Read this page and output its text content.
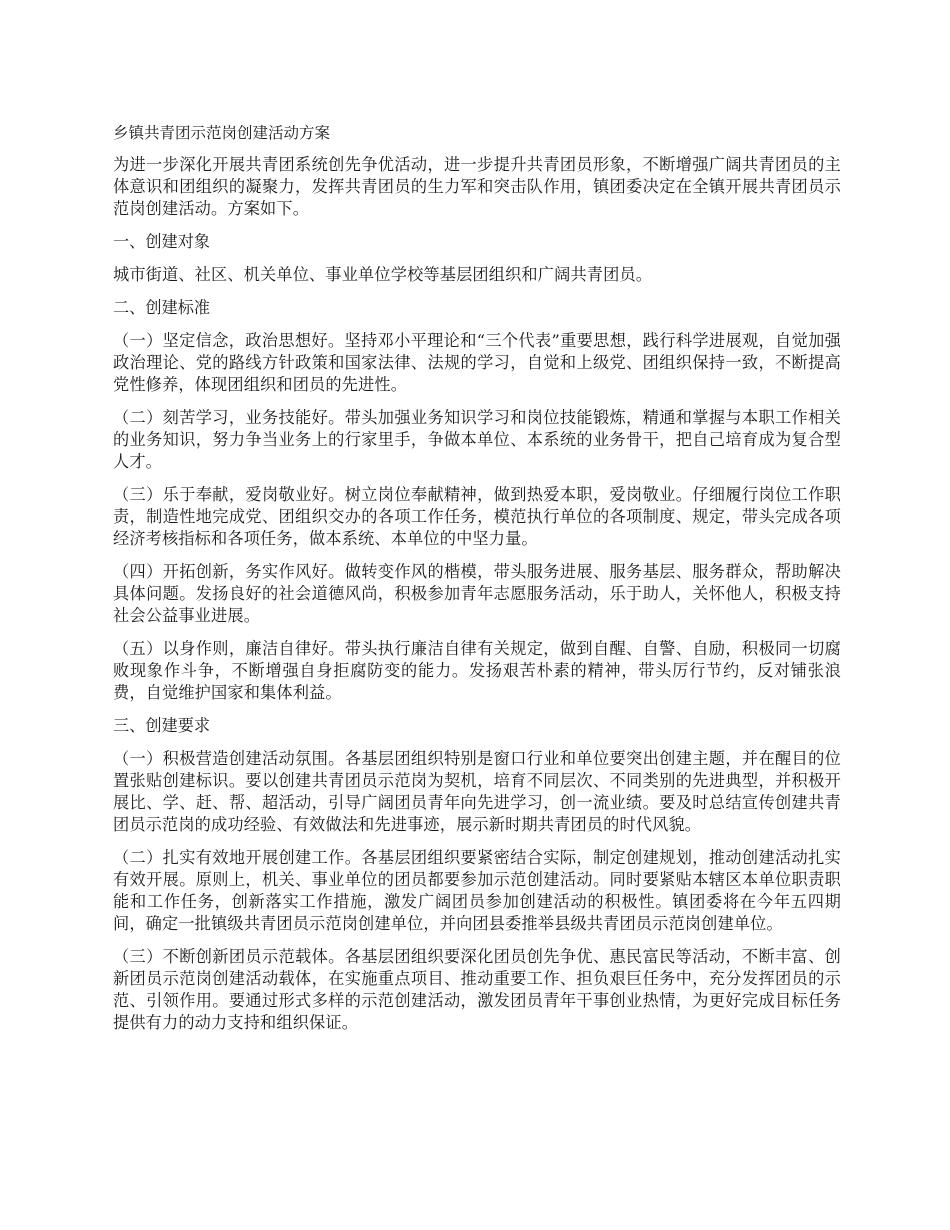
乡镇共青团示范岗创建活动方案

为进一步深化开展共青团系统创先争优活动，进一步提升共青团员形象，不断增强广阔共青团员的主体意识和团组织的凝聚力，发挥共青团员的生力军和突击队作用，镇团委决定在全镇开展共青团员示范岗创建活动。方案如下。

一、创建对象

城市街道、社区、机关单位、事业单位学校等基层团组织和广阔共青团员。

二、创建标准

（一）坚定信念，政治思想好。坚持邓小平理论和“三个代表”重要思想，践行科学进展观，自觉加强政治理论、党的路线方针政策和国家法律、法规的学习，自觉和上级党、团组织保持一致，不断提高党性修养，体现团组织和团员的先进性。

（二）刻苦学习，业务技能好。带头加强业务知识学习和岗位技能锻炼，精通和掌握与本职工作相关的业务知识，努力争当业务上的行家里手，争做本单位、本系统的业务骨干，把自己培育成为复合型人才。

（三）乐于奉献，爱岗敬业好。树立岗位奉献精神，做到热爱本职，爱岗敬业。仔细履行岗位工作职责，制造性地完成党、团组织交办的各项工作任务，模范执行单位的各项制度、规定，带头完成各项经济考核指标和各项任务，做本系统、本单位的中坚力量。

（四）开拓创新，务实作风好。做转变作风的楷模，带头服务进展、服务基层、服务群众，帮助解决具体问题。发扬良好的社会道德风尚，积极参加青年志愿服务活动，乐于助人，关怀他人，积极支持社会公益事业进展。

（五）以身作则，廉洁自律好。带头执行廉洁自律有关规定，做到自醒、自警、自励，积极同一切腐败现象作斗争，不断增强自身拒腐防变的能力。发扬艰苦朴素的精神，带头厉行节约，反对铺张浪费，自觉维护国家和集体利益。

三、创建要求

（一）积极营造创建活动氛围。各基层团组织特别是窗口行业和单位要突出创建主题，并在醒目的位置张贴创建标识。要以创建共青团员示范岗为契机，培育不同层次、不同类别的先进典型，并积极开展比、学、赶、帮、超活动，引导广阔团员青年向先进学习，创一流业绩。要及时总结宣传创建共青团员示范岗的成功经验、有效做法和先进事迹，展示新时期共青团员的时代风貌。

（二）扎实有效地开展创建工作。各基层团组织要紧密结合实际，制定创建规划，推动创建活动扎实有效开展。原则上，机关、事业单位的团员都要参加示范创建活动。同时要紧贴本辖区本单位职责职能和工作任务，创新落实工作措施，激发广阔团员参加创建活动的积极性。镇团委将在今年五四期间，确定一批镇级共青团员示范岗创建单位，并向团县委推举县级共青团员示范岗创建单位。

（三）不断创新团员示范载体。各基层团组织要深化团员创先争优、惠民富民等活动，不断丰富、创新团员示范岗创建活动载体，在实施重点项目、推动重要工作、担负艰巨任务中，充分发挥团员的示范、引领作用。要通过形式多样的示范创建活动，激发团员青年干事创业热情，为更好完成目标任务提供有力的动力支持和组织保证。
